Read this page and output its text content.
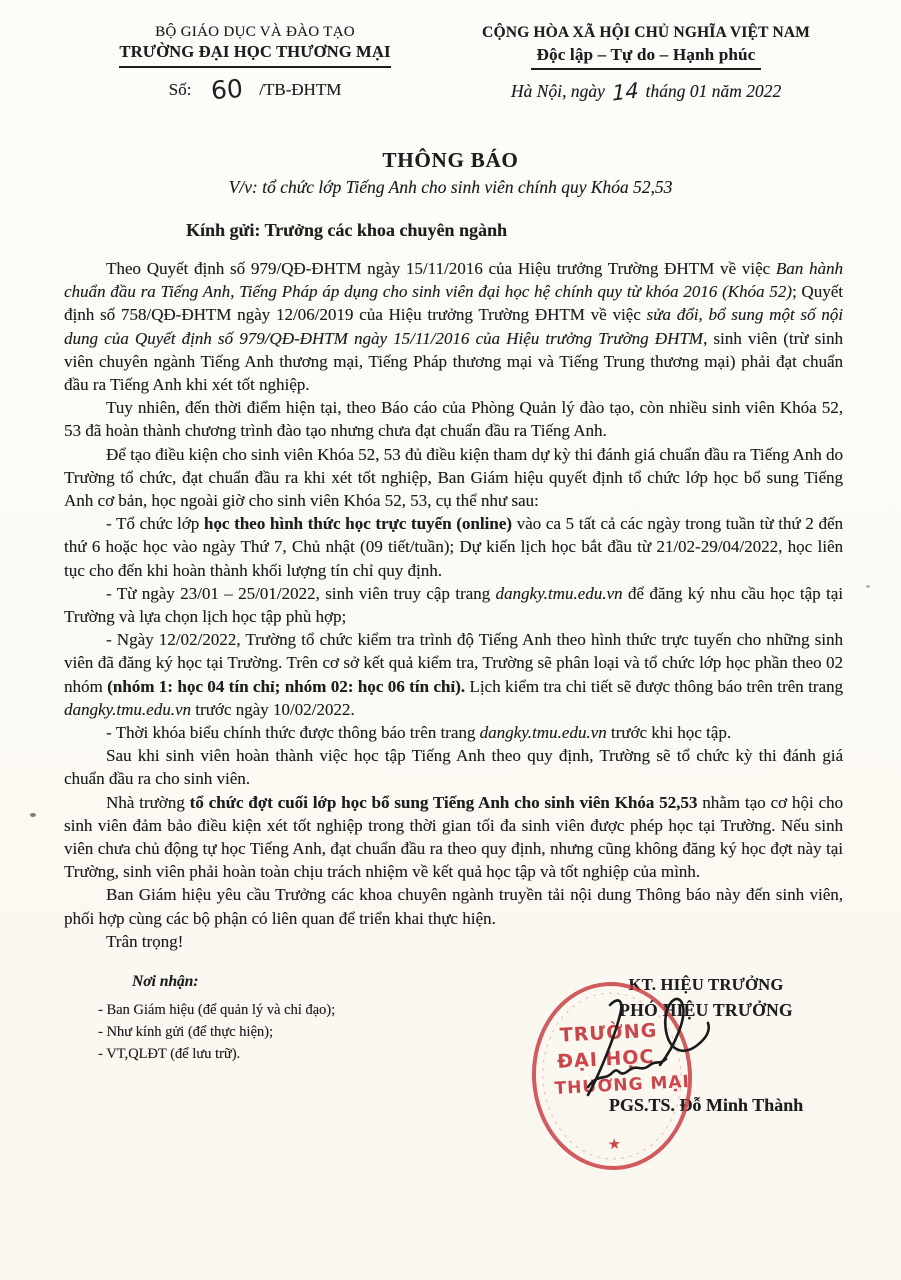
BỘ GIÁO DỤC VÀ ĐÀO TẠO
TRƯỜNG ĐẠI HỌC THƯƠNG MẠI
Số: 60 /TB-ĐHTM
CỘNG HÒA XÃ HỘI CHỦ NGHĨA VIỆT NAM
Độc lập – Tự do – Hạnh phúc
Hà Nội, ngày 14 tháng 01 năm 2022
THÔNG BÁO
V/v: tổ chức lớp Tiếng Anh cho sinh viên chính quy Khóa 52,53
Kính gửi: Trưởng các khoa chuyên ngành

Theo Quyết định số 979/QĐ-ĐHTM ngày 15/11/2016 của Hiệu trưởng Trường ĐHTM về việc Ban hành chuẩn đầu ra Tiếng Anh, Tiếng Pháp áp dụng cho sinh viên đại học hệ chính quy từ khóa 2016 (Khóa 52); Quyết định số 758/QĐ-ĐHTM ngày 12/06/2019 của Hiệu trưởng Trường ĐHTM về việc sửa đổi, bổ sung một số nội dung của Quyết định số 979/QĐ-ĐHTM ngày 15/11/2016 của Hiệu trưởng Trường ĐHTM, sinh viên (trừ sinh viên chuyên ngành Tiếng Anh thương mại, Tiếng Pháp thương mại và Tiếng Trung thương mại) phải đạt chuẩn đầu ra Tiếng Anh khi xét tốt nghiệp.

Tuy nhiên, đến thời điểm hiện tại, theo Báo cáo của Phòng Quản lý đào tạo, còn nhiều sinh viên Khóa 52, 53 đã hoàn thành chương trình đào tạo nhưng chưa đạt chuẩn đầu ra Tiếng Anh.

Để tạo điều kiện cho sinh viên Khóa 52, 53 đủ điều kiện tham dự kỳ thi đánh giá chuẩn đầu ra Tiếng Anh do Trường tổ chức, đạt chuẩn đầu ra khi xét tốt nghiệp, Ban Giám hiệu quyết định tổ chức lớp học bổ sung Tiếng Anh cơ bản, học ngoài giờ cho sinh viên Khóa 52, 53, cụ thể như sau:

- Tổ chức lớp học theo hình thức học trực tuyến (online) vào ca 5 tất cả các ngày trong tuần từ thứ 2 đến thứ 6 hoặc học vào ngày Thứ 7, Chủ nhật (09 tiết/tuần); Dự kiến lịch học bắt đầu từ 21/02-29/04/2022, học liên tục cho đến khi hoàn thành khối lượng tín chỉ quy định.

- Từ ngày 23/01 – 25/01/2022, sinh viên truy cập trang dangky.tmu.edu.vn để đăng ký nhu cầu học tập tại Trường và lựa chọn lịch học tập phù hợp;

- Ngày 12/02/2022, Trường tổ chức kiểm tra trình độ Tiếng Anh theo hình thức trực tuyến cho những sinh viên đã đăng ký học tại Trường. Trên cơ sở kết quả kiểm tra, Trường sẽ phân loại và tổ chức lớp học phần theo 02 nhóm (nhóm 1: học 04 tín chỉ; nhóm 02: học 06 tín chỉ). Lịch kiểm tra chi tiết sẽ được thông báo trên trên trang dangky.tmu.edu.vn trước ngày 10/02/2022.

- Thời khóa biểu chính thức được thông báo trên trang dangky.tmu.edu.vn trước khi học tập.

Sau khi sinh viên hoàn thành việc học tập Tiếng Anh theo quy định, Trường sẽ tổ chức kỳ thi đánh giá chuẩn đầu ra cho sinh viên.

Nhà trường tổ chức đợt cuối lớp học bổ sung Tiếng Anh cho sinh viên Khóa 52,53 nhằm tạo cơ hội cho sinh viên đảm bảo điều kiện xét tốt nghiệp trong thời gian tối đa sinh viên được phép học tại Trường. Nếu sinh viên chưa chủ động tự học Tiếng Anh, đạt chuẩn đầu ra theo quy định, nhưng cũng không đăng ký học đợt này tại Trường, sinh viên phải hoàn toàn chịu trách nhiệm về kết quả học tập và tốt nghiệp của mình.

Ban Giám hiệu yêu cầu Trưởng các khoa chuyên ngành truyền tải nội dung Thông báo này đến sinh viên, phối hợp cùng các bộ phận có liên quan để triển khai thực hiện.

Trân trọng!

Nơi nhận:
- Ban Giám hiệu (để quản lý và chỉ đạo);
- Như kính gửi (để thực hiện);
- VT,QLĐT (để lưu trữ).
KT. HIỆU TRƯỞNG
PHÓ HIỆU TRƯỞNG
PGS.TS. Đỗ Minh Thành
TRƯỜNG
ĐẠI HỌC
THƯƠNG MẠI
★
